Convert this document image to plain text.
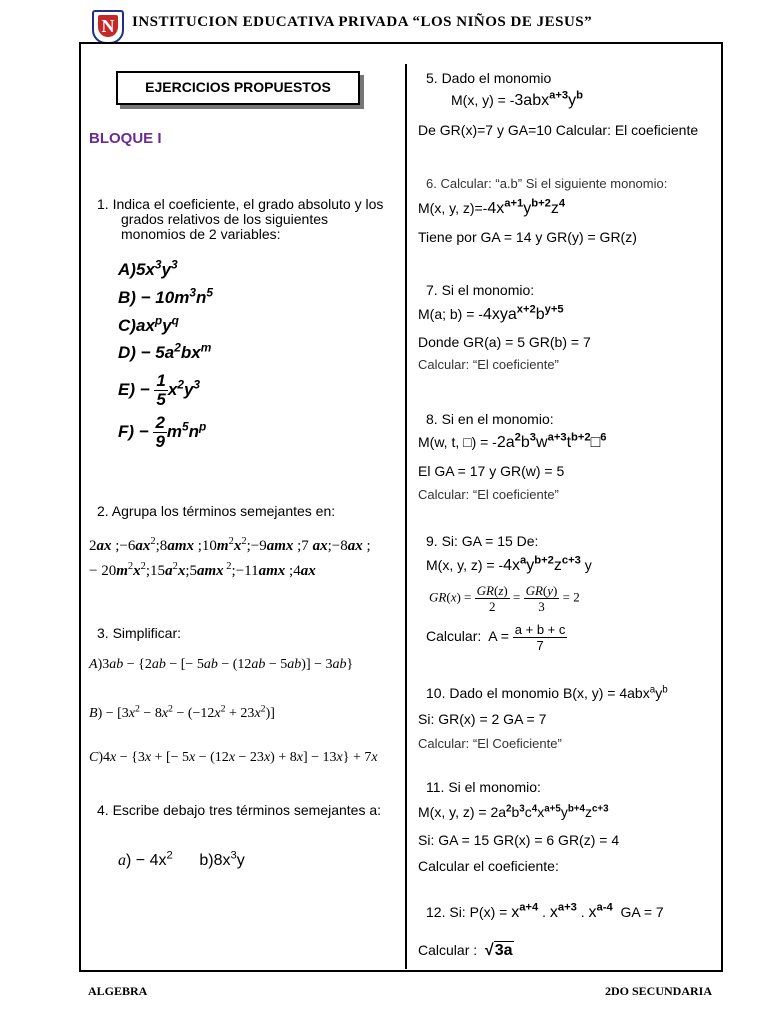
N INSTITUCION EDUCATIVA PRIVADA “LOS NIÑOS DE JESUS”
EJERCICIOS PROPUESTOS
BLOQUE I
1. Indica el coeficiente, el grado absoluto y los
grados relativos de los siguientes
monomios de 2 variables:
$A)5x^3y^3$
$B) - 10m^3n^5$
$C)ax^py^q$
$D) - 5a^2bx^m$
$E) - \frac{1}{5} x^2y^3$
$F) - \frac{2}{9} m^5n^p$
2. Agrupa los términos semejantes en:
2ax $;-6ax^2;8amx$ $;10m^2x^2;-9amx$ ;7 ax;−8ax ;
− $20m^2x^2;15a^2x;5amx$ $^2$;−11amx ;4ax
3. Simplificar:
A)3ab − {2ab − [− 5ab − (12ab − 5ab)] − 3ab}
$B) - [3x^2 - 8x^2 - (-12x^2 + 23x^2)]$
C)4x − {3x + [− 5x − (12x − 23x) + 8x] − 13x} + 7x
4. Escribe debajo tres términos semejantes a:
$a) - 4x^2$      $b)8x^3y$
5. Dado el monomio
M(x, $y) = -3abx^{a+3}y^b$
De GR(x)=7 y GA=10 Calcular: El coeficiente
6. Calcular: “a.b” Si el siguiente monomio:
M(x, y, $z)=-4x^{a+1}y^{b+2}z^4$
Tiene por GA = 14 y GR(y) = GR(z)
7. Si el monomio:
M(a; $b) = -4xya^{x+2}b^{y+5}$
Donde GR(a) = 5 GR(b) = 7
Calcular: “El coeficiente”
8. Si en el monomio:
M(w, t, □) = $-2a^2b^3w^{a+3}t^{b+2}□^6$
El GA = 17 y GR(w) = 5
Calcular: “El coeficiente”
9. Si: GA = 15 De:
M(x, y, $z) = -4x^ay^{b+2}z^{c+3}$ y
$GR(x) = \frac{GR(z)}{2} = \frac{GR(y)}{3} = 2$
Calcular:  $A = \frac{a + b + c}{7}$
10. Dado el monomio B(x, $y) = 4abx^ay^b$
Si: GR(x) = 2 GA = 7
Calcular: “El Coeficiente”
11. Si el monomio:
M(x, y, $z) = 2a^2b^3c^4x^{a+5}y^{b+4}z^{c+3}$
Si: GA = 15 GR(x) = 6 GR(z) = 4
Calcular el coeficiente:
12. Si: $P(x) = x^{a+4}$ . $x^{a+3}$ . $x^{a-4}$ GA = 7
Calcular : √3a
ALGEBRA	2DO SECUNDARIA
